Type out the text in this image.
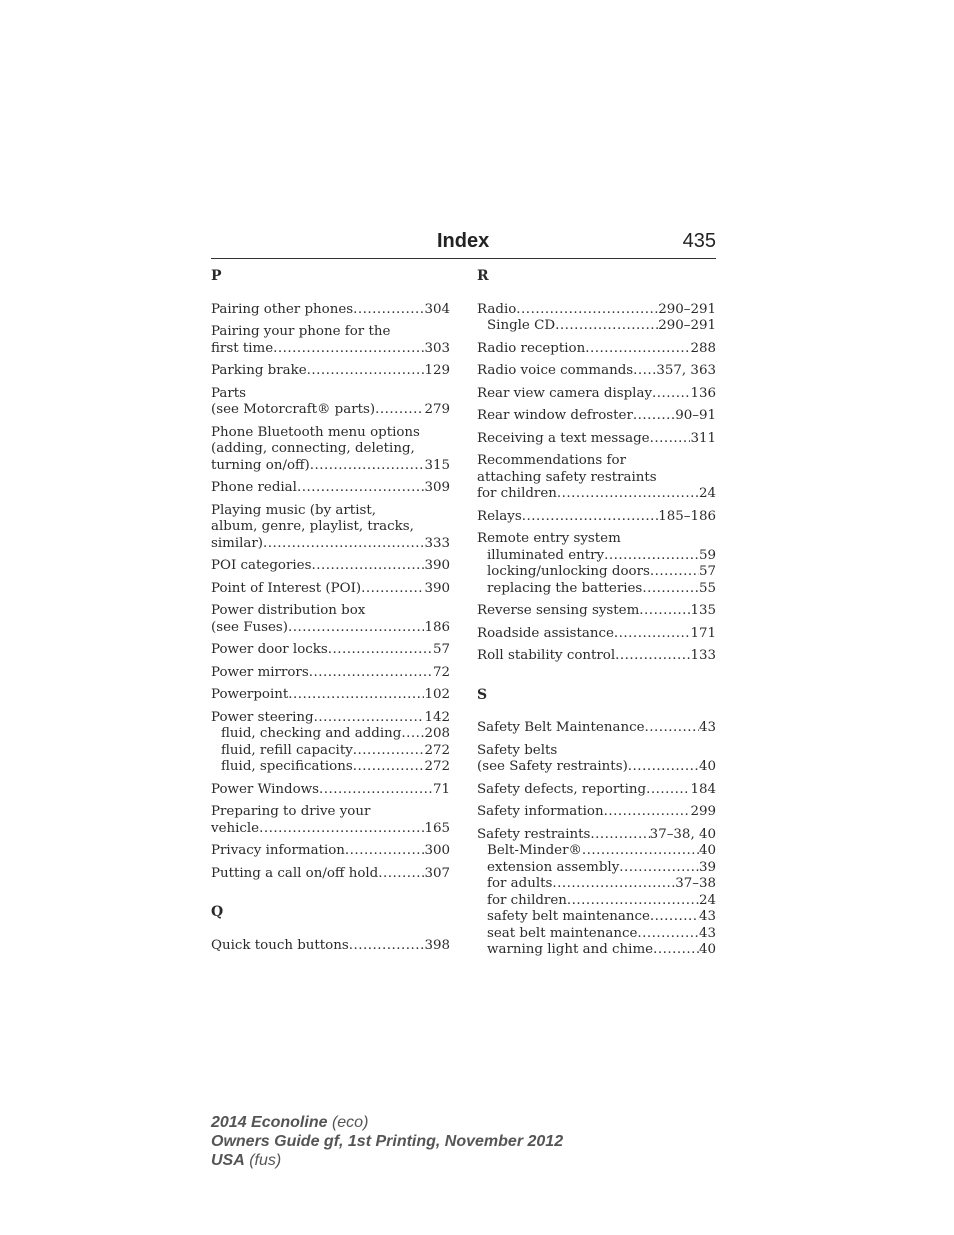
Index	435
P
Pairing other phones .....	304
Pairing your phone for the
first time .....	303
Parking brake .....	129
Parts
(see Motorcraft® parts) .....	279
Phone Bluetooth menu options
(adding, connecting, deleting,
turning on/off) .....	315
Phone redial .....	309
Playing music (by artist,
album, genre, playlist, tracks,
similar) .....	333
POI categories .....	390
Point of Interest (POI) .....	390
Power distribution box
(see Fuses) .....	186
Power door locks .....	57
Power mirrors .....	72
Powerpoint .....	102
Power steering .....	142
fluid, checking and adding ..... 208
fluid, refill capacity .....	272
fluid, specifications .....	272
Power Windows .....	71
Preparing to drive your
vehicle .....	165
Privacy information .....	300
Putting a call on/off hold .....	307
Q
Quick touch buttons .....	398
R
Radio .....	290–291
Single CD .....	290–291
Radio reception .....	288
Radio voice commands ..... 357, 363
Rear view camera display .....	136
Rear window defroster .....	90–91
Receiving a text message .....	311
Recommendations for
attaching safety restraints
for children .....	24
Relays .....	185–186
Remote entry system
illuminated entry .....	59
locking/unlocking doors .....	57
replacing the batteries .....	55
Reverse sensing system .....	135
Roadside assistance .....	171
Roll stability control .....	133
S
Safety Belt Maintenance .....	43
Safety belts
(see Safety restraints) .....	40
Safety defects, reporting .....	184
Safety information .....	299
Safety restraints .....	37–38, 40
Belt-Minder® .....	40
extension assembly .....	39
for adults .....	37–38
for children .....	24
safety belt maintenance .....	43
seat belt maintenance .....	43
warning light and chime .....	40
2014 Econoline (eco)
Owners Guide gf, 1st Printing, November 2012
USA (fus)
